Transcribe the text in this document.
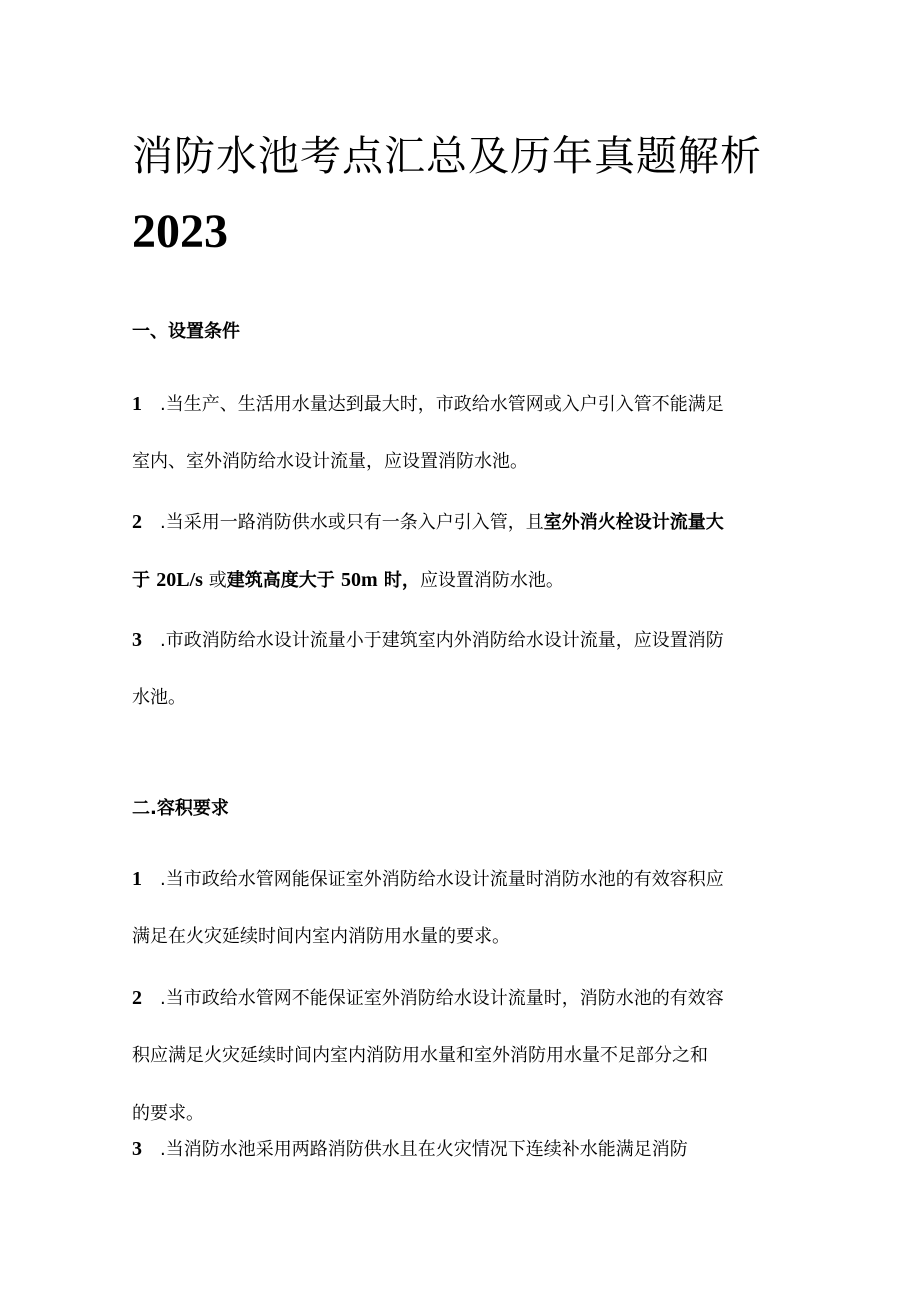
消防水池考点汇总及历年真题解析
2023
一、设置条件
1 .当生产、生活用水量达到最大时，市政给水管网或入户引入管不能满足
室内、室外消防给水设计流量，应设置消防水池。
2 .当采用一路消防供水或只有一条入户引入管，且室外消火栓设计流量大
于 20L/s 或建筑高度大于 50m 时，应设置消防水池。
3 .市政消防给水设计流量小于建筑室内外消防给水设计流量，应设置消防
水池。
二.容积要求
1 .当市政给水管网能保证室外消防给水设计流量时消防水池的有效容积应
满足在火灾延续时间内室内消防用水量的要求。
2 .当市政给水管网不能保证室外消防给水设计流量时，消防水池的有效容
积应满足火灾延续时间内室内消防用水量和室外消防用水量不足部分之和
的要求。
3 .当消防水池采用两路消防供水且在火灾情况下连续补水能满足消防
